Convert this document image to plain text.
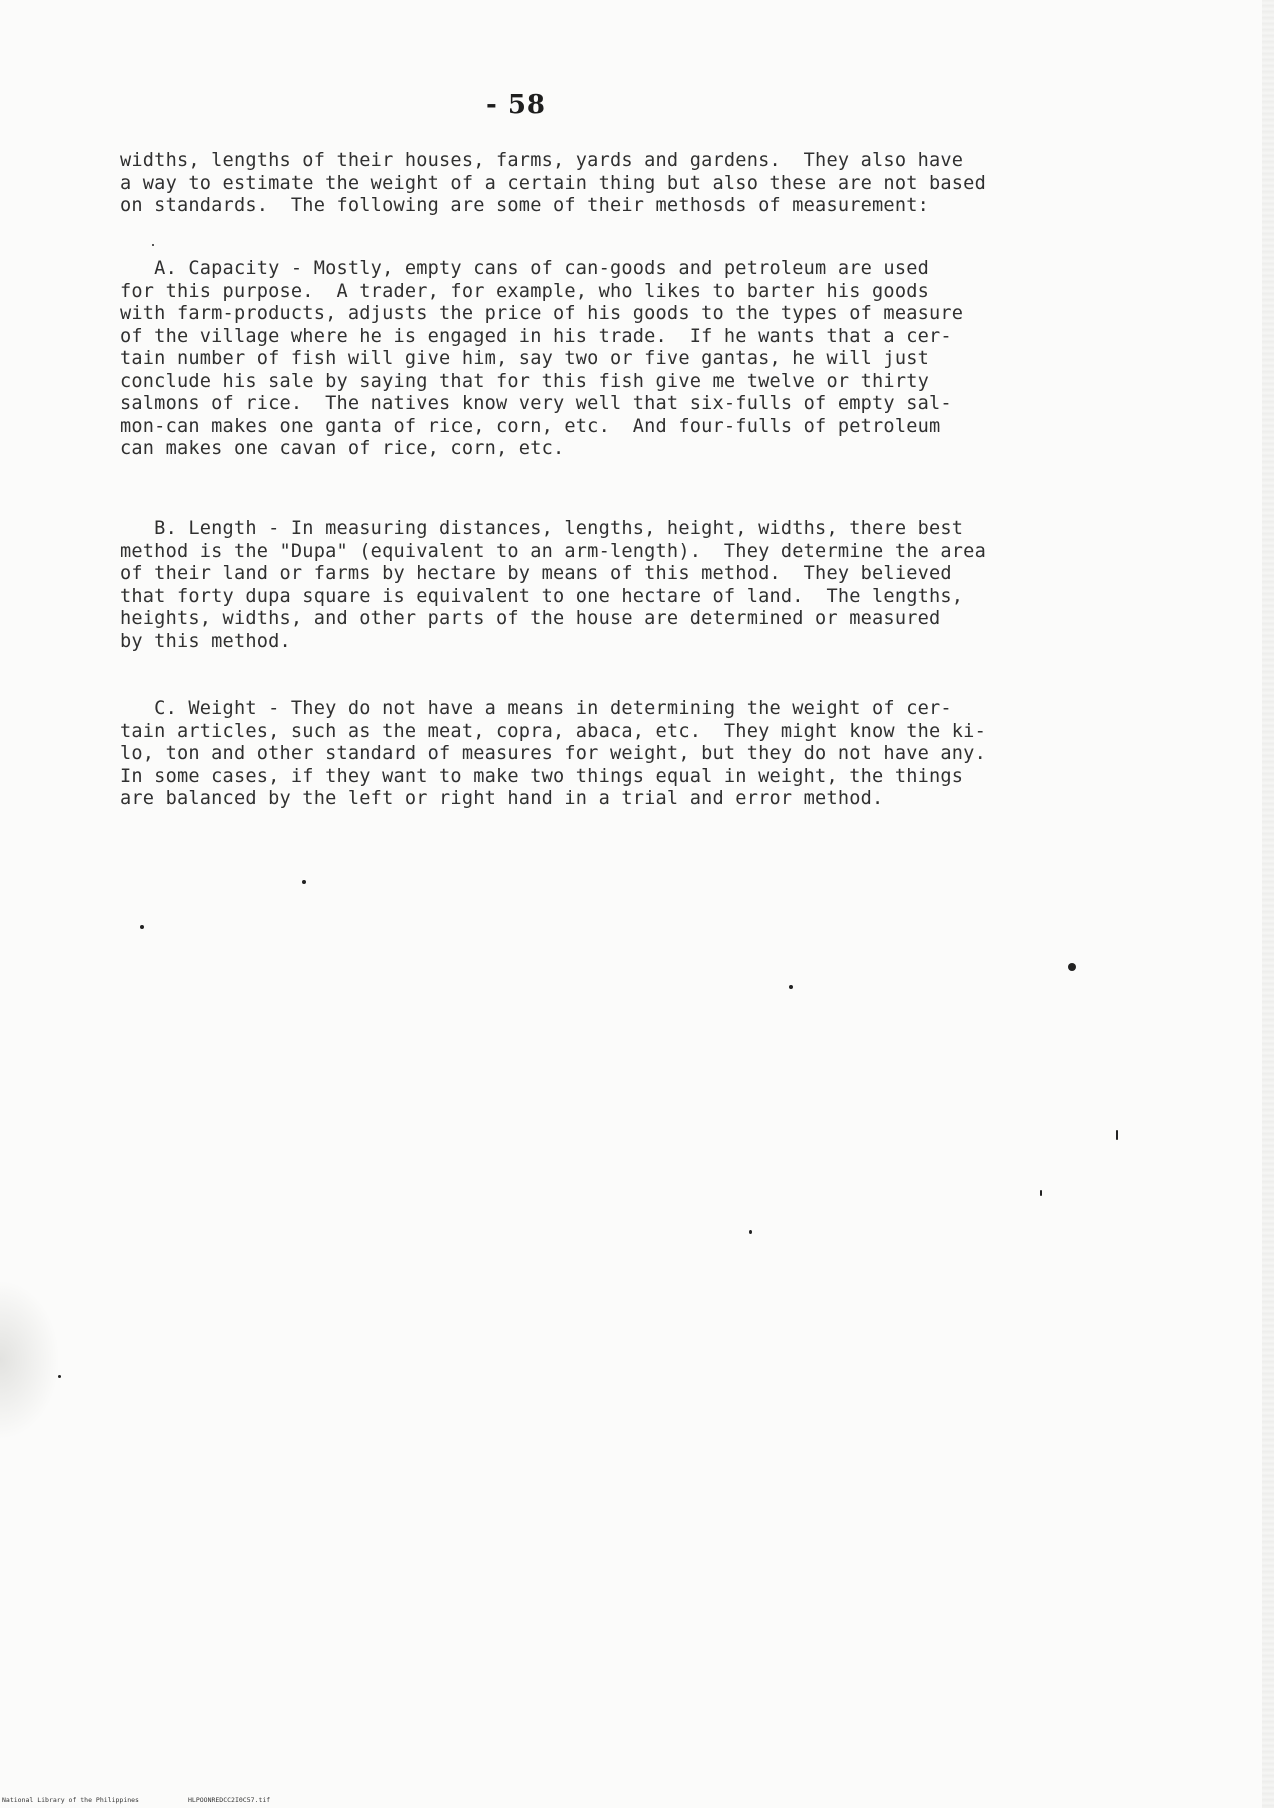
- 58
widths, lengths of their houses, farms, yards and gardens.  They also have
a way to estimate the weight of a certain thing but also these are not based
on standards.  The following are some of their methosds of measurement:
A. Capacity - Mostly, empty cans of can-goods and petroleum are used
for this purpose.  A trader, for example, who likes to barter his goods
with farm-products, adjusts the price of his goods to the types of measure
of the village where he is engaged in his trade.  If he wants that a cer-
tain number of fish will give him, say two or five gantas, he will just
conclude his sale by saying that for this fish give me twelve or thirty
salmons of rice.  The natives know very well that six-fulls of empty sal-
mon-can makes one ganta of rice, corn, etc.  And four-fulls of petroleum
can makes one cavan of rice, corn, etc.
B. Length - In measuring distances, lengths, height, widths, there best
method is the "Dupa" (equivalent to an arm-length).  They determine the area
of their land or farms by hectare by means of this method.  They believed
that forty dupa square is equivalent to one hectare of land.  The lengths,
heights, widths, and other parts of the house are determined or measured
by this method.
C. Weight - They do not have a means in determining the weight of cer-
tain articles, such as the meat, copra, abaca, etc.  They might know the ki-
lo, ton and other standard of measures for weight, but they do not have any.
In some cases, if they want to make two things equal in weight, the things
are balanced by the left or right hand in a trial and error method.
National Library of the Philippines	HLPOONREDCC2I0C57.tif
